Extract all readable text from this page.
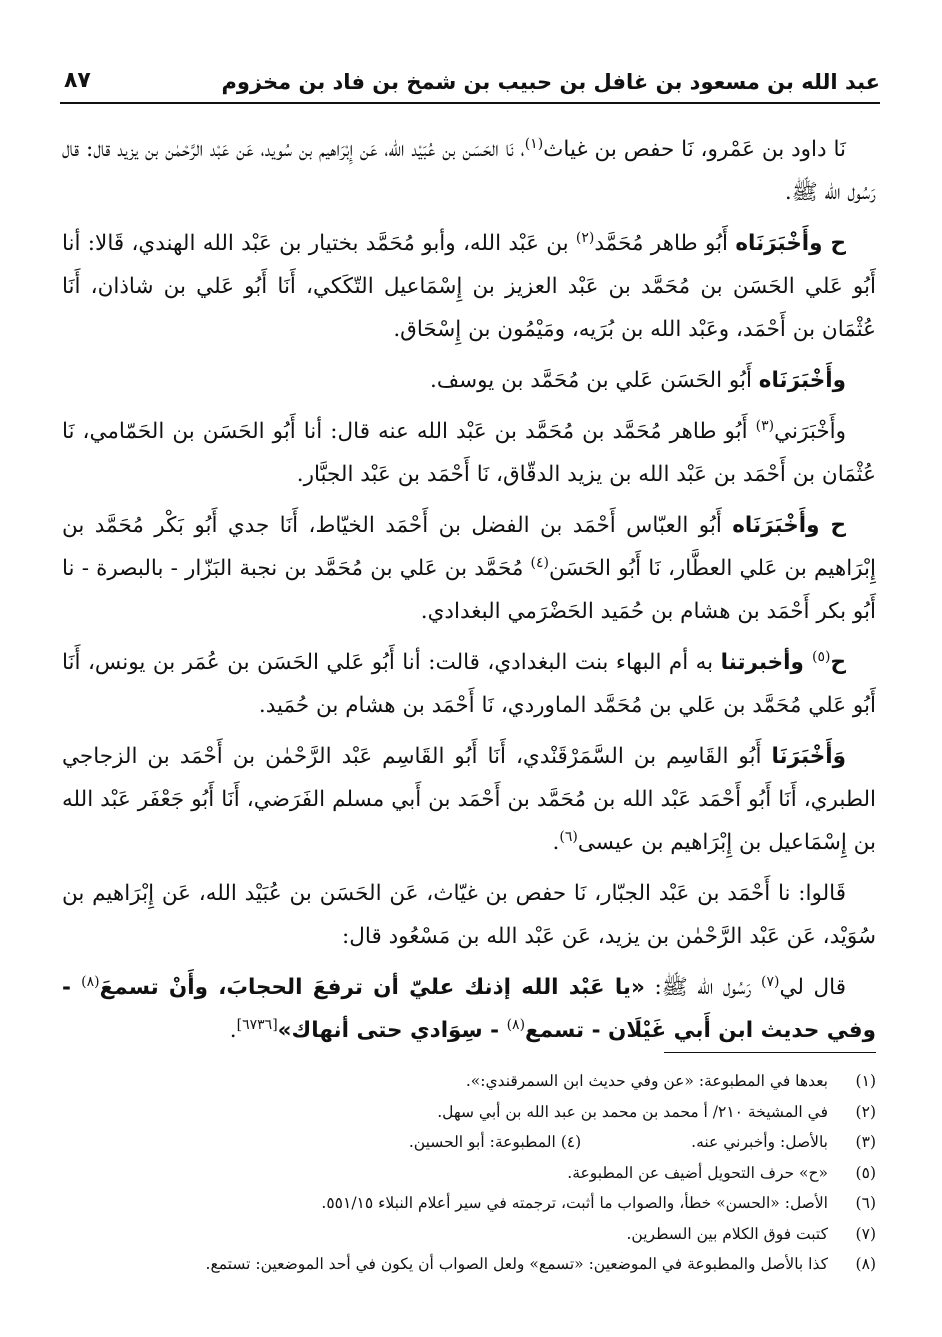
عبد الله بن مسعود بن غافل بن حبيب بن شمخ بن فاد بن مخزوم
٨٧

نَا داود بن عَمْرو، نَا حفص بن غياث$^{(١)}$، نَا الحَسَن بن عُبَيْد الله، عَن إِبْرَاهيم بن سُويد، عَن عَبْد الرَّحْمٰن بن يزيد قال: قال رَسُول الله ﷺ.

ح وأَخْبَرَنَاه أَبُو طاهر مُحَمَّد$^{(٢)}$ بن عَبْد الله، وأبو مُحَمَّد بختيار بن عَبْد الله الهندي، قَالا: أنا أَبُو عَلي الحَسَن بن مُحَمَّد بن عَبْد العزيز بن إِسْمَاعيل التّكَكي، أَنَا أَبُو عَلي بن شاذان، أَنَا عُثْمَان بن أَحْمَد، وعَبْد الله بن بُرَيه، ومَيْمُون بن إِسْحَاق.

وأَخْبَرَنَاه أَبُو الحَسَن عَلي بن مُحَمَّد بن يوسف.

وأَخْبَرَني$^{(٣)}$ أَبُو طاهر مُحَمَّد بن مُحَمَّد بن عَبْد الله عنه قال: أنا أَبُو الحَسَن بن الحَمّامي، نَا عُثْمَان بن أَحْمَد بن عَبْد الله بن يزيد الدقّاق، نَا أَحْمَد بن عَبْد الجبَّار.

ح وأَخْبَرَنَاه أَبُو العبّاس أَحْمَد بن الفضل بن أَحْمَد الخيّاط، أَنَا جدي أَبُو بَكْر مُحَمَّد بن إِبْرَاهيم بن عَلي العطَّار، نَا أَبُو الحَسَن$^{(٤)}$ مُحَمَّد بن عَلي بن مُحَمَّد بن نجبة البَزّار - بالبصرة - نا أَبُو بكر أَحْمَد بن هشام بن حُمَيد الحَضْرَمي البغدادي.

ح$^{(٥)}$ وأخبرتنا به أم البهاء بنت البغدادي، قالت: أنا أَبُو عَلي الحَسَن بن عُمَر بن يونس، أَنَا أَبُو عَلي مُحَمَّد بن عَلي بن مُحَمَّد الماوردي، نَا أَحْمَد بن هشام بن حُمَيد.

وَأَخْبَرَنَا أَبُو القَاسِم بن السَّمَرْقَنْدي، أَنَا أَبُو القَاسِم عَبْد الرَّحْمٰن بن أَحْمَد بن الزجاجي الطبري، أَنَا أَبُو أَحْمَد عَبْد الله بن مُحَمَّد بن أَحْمَد بن أَبي مسلم الفَرَضي، أَنَا أَبُو جَعْفَر عَبْد الله بن إِسْمَاعيل بن إِبْرَاهيم بن عيسى$^{(٦)}$.

قَالوا: نا أَحْمَد بن عَبْد الجبّار، نَا حفص بن غيّاث، عَن الحَسَن بن عُبَيْد الله، عَن إِبْرَاهيم بن سُوَيْد، عَن عَبْد الرَّحْمٰن بن يزيد، عَن عَبْد الله بن مَسْعُود قال:

قال لي$^{(٧)}$ رَسُول الله ﷺ: «يا عَبْد الله إذنك عليّ أن ترفعَ الحجابَ، وأَنْ تسمعَ$^{(٨)}$ - وفي حديث ابن أَبي غَيْلَان - تسمع$^{(٨)}$ - سِوَادي حتى أنهاك»[٦٧٣٦].

(١)
بعدها في المطبوعة: «عن وفي حديث ابن السمرقندي:».
(٢)
في المشيخة ٢١٠/ أ محمد بن محمد بن عبد الله بن أبي سهل.
(٣)
بالأصل: وأخبرني عنه.
(٤) المطبوعة: أبو الحسين.
(٥)
«ح» حرف التحويل أضيف عن المطبوعة.
(٦)
الأصل: «الحسن» خطأ، والصواب ما أثبت، ترجمته في سير أعلام النبلاء ٥٥١/١٥.
(٧)
كتبت فوق الكلام بين السطرين.
(٨)
كذا بالأصل والمطبوعة في الموضعين: «تسمع» ولعل الصواب أن يكون في أحد الموضعين: تستمع.
